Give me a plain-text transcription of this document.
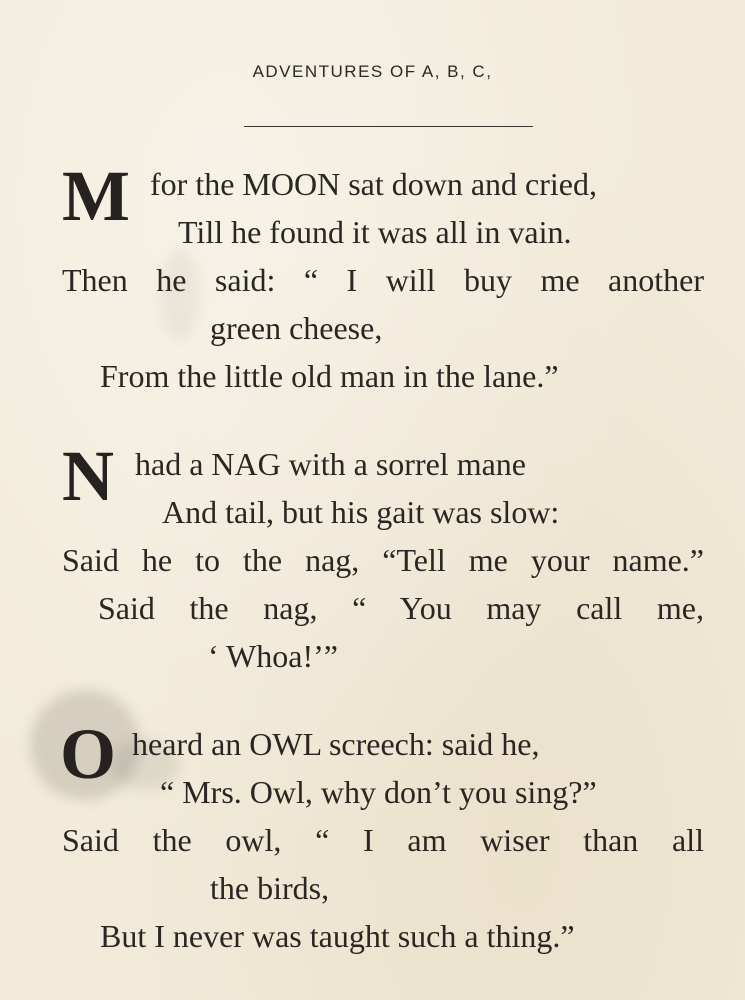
ADVENTURES OF A, B, C,
M for the MOON sat down and cried,
Till he found it was all in vain.
Then he said: “ I will buy me another
green cheese,
From the little old man in the lane.”
N had a NAG with a sorrel mane
And tail, but his gait was slow:
Said he to the nag, “Tell me your name.”
Said the nag, “ You may call me,
‘ Whoa!’”
O heard an OWL screech: said he,
“ Mrs. Owl, why don’t you sing?”
Said the owl, “ I am wiser than all
the birds,
But I never was taught such a thing.”
